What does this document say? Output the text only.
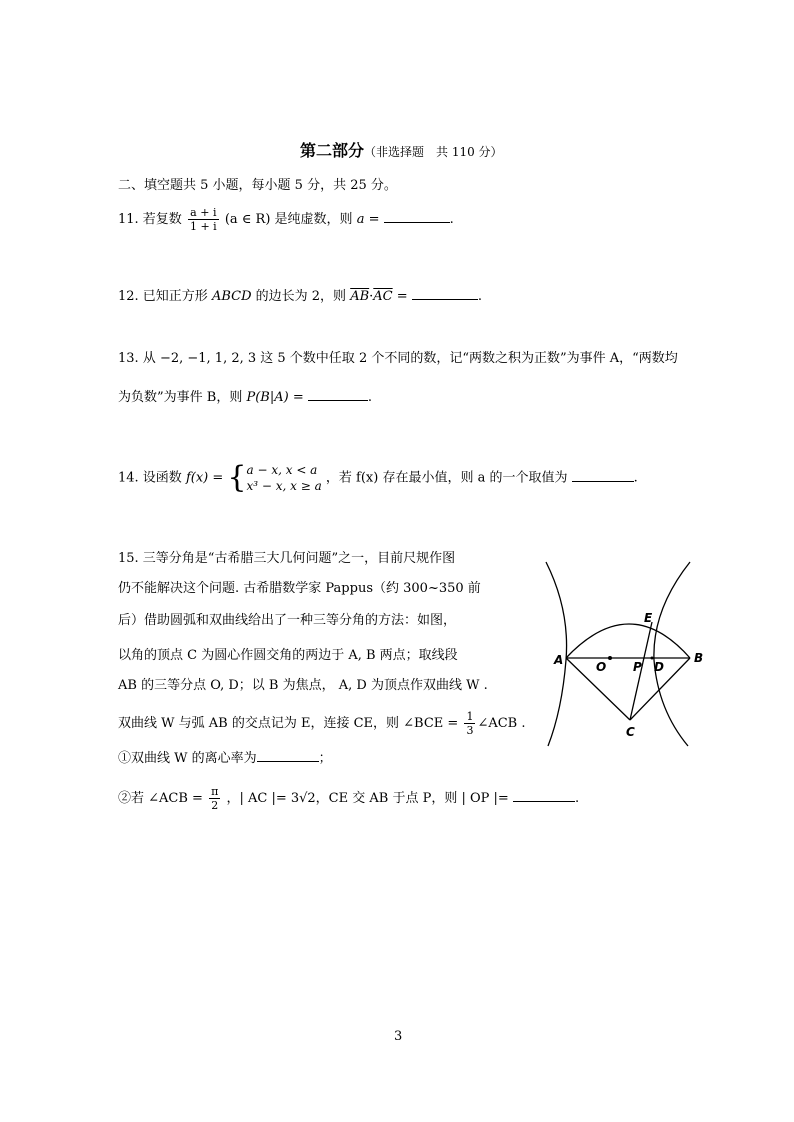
第二部分（非选择题　共 110 分）
二、填空题共 5 小题，每小题 5 分，共 25 分。
11. 若复数 $\frac{a + i}{1 + i} (a$ ∈ R) 是纯虚数，则 a =	.
12. 已知正方形 ABCD 的边长为 2，则 $\overline{AB}\cdot\overline{AC}$ =	.
13. 从 −2, −1, 1, 2, 3 这 5 个数中任取 2 个不同的数，记“两数之积为正数”为事件 A，“两数均
为负数”为事件 B，则 P(B|A) =	.
14. 设函数 f(x) = { a − x, x < a
x³ − x, x ≥ a
，若 f(x) 存在最小值，则 a 的一个取值为	.
15. 三等分角是“古希腊三大几何问题”之一，目前尺规作图
仍不能解决这个问题. 古希腊数学家 Pappus（约 300~350 前
后）借助圆弧和双曲线给出了一种三等分角的方法：如图，
以角的顶点 C 为圆心作圆交角的两边于 A, B 两点；取线段
AB 的三等分点 O, D；以 B 为焦点， A, D 为顶点作双曲线 W .
双曲线 W 与弧 AB 的交点记为 E，连接 CE，则 ∠BCE = $\frac{1}{3}$ ∠ACB .
①双曲线 W 的离心率为	；
②若 ∠ACB = $\frac{\pi}{2}$ ，| AC |= 3√2，CE 交 AB 于点 P，则 | OP |=	.
A	O P D
B
E
C
3
